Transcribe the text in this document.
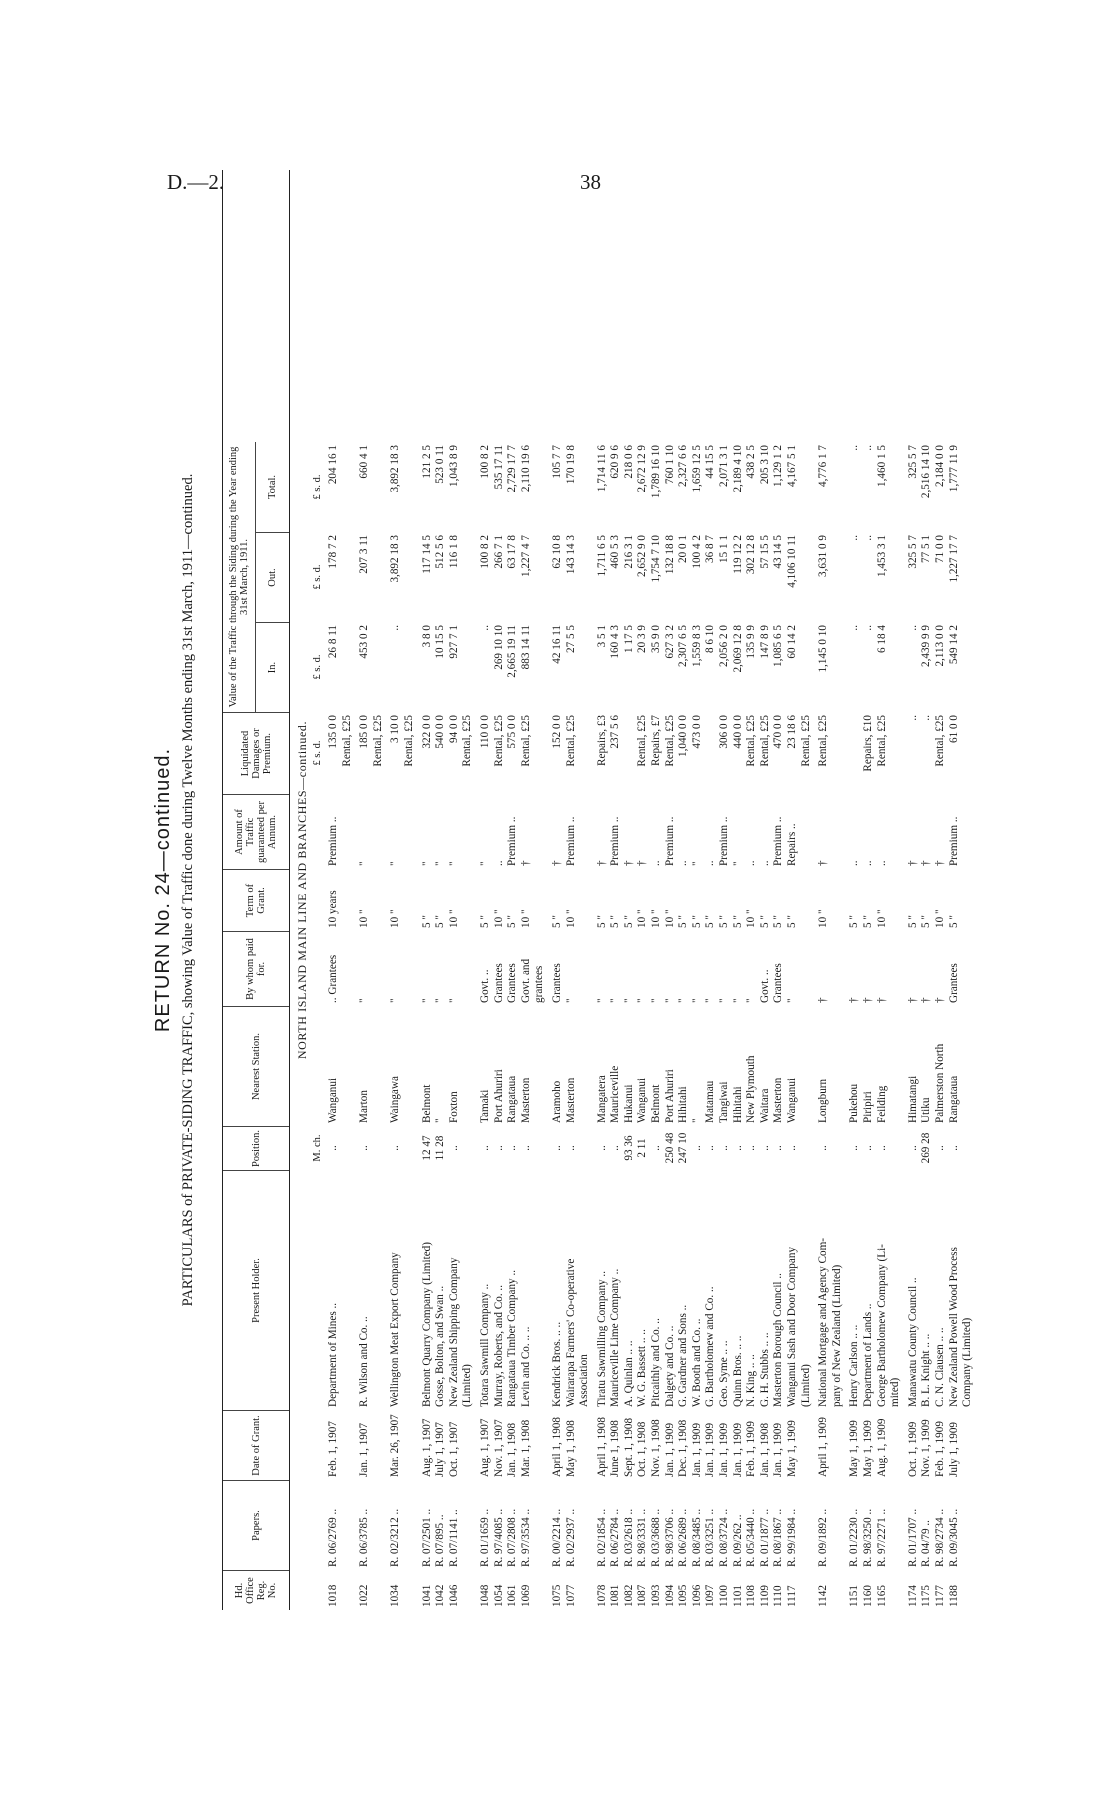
D.—2.	38
RETURN No. 24—continued. PARTICULARS of PRIVATE-SIDING TRAFFIC, showing Value of Traffic done during Twelve Months ending 31st March, 1911—continued.
Hd. Office Reg. No.
Papers.
Date of Grant.
Present Holder.
Position.
Nearest Station.
By whom paid for.
Term of Grant.
Amount of Traffic guaranteed per Annum.
Liquidated Damages or Premium.
Value of the Traffic through the Siding during the Year ending 31st March, 1911.
In.
Out.
Total.
NORTH ISLAND MAIN LINE AND BRANCHES—continued.
M. ch.
£ s. d.
£ s. d.
£ s. d.
£ s. d.
1018
R. 06/2769 ..
Feb. 1, 1907
Department of Mines ..
..
Wanganui
.. Grantees
10 years
Premium ..
135 0 0
26 8 11
178 7 2
204 16 1
Rental, £25
1022
R. 06/3785 ..
Jan. 1, 1907
R. Wilson and Co. ..
..
Marton
"
10 "
"
185 0 0
453 0 2
207 3 11
660 4 1
Rental, £25
1034
R. 02/3212 ..
Mar. 26, 1907
Wellington Meat Export Company
..
Waingawa
"
10 "
"
3 10 0
..
3,892 18 3
3,892 18 3
Rental, £25
1041
R. 07/2501 ..
Aug. 1, 1907
Belmont Quarry Company (Limited)
12 47
Belmont
"
5 "
"
322 0 0
3 8 0
117 14 5
121 2 5
1042
R. 07/895 ..
July 1, 1907
Gosse, Bolton, and Swan ..
11 28
"
"
5 "
"
540 0 0
10 15 5
512 5 6
523 0 11
1046
R. 07/1141 ..
Oct. 1, 1907
New Zealand Shipping Company
..
Foxton
"
10 "
"
94 0 0
927 7 1
116 1 8
1,043 8 9
(Limited)
Rental, £25
1048
R. 01/1659 ..
Aug. 1, 1907
Totara Sawmill Company ..
..
Tamaki
Govt. ..
5 "
"
110 0 0
..
100 8 2
100 8 2
1054
R. 97/4085 ..
Nov. 1, 1907
Murray, Roberts, and Co. ..
..
Port Ahuriri
Grantees
10 "
..
Rental, £25
269 10 10
266 7 1
535 17 11
1061
R. 07/2808 ..
Jan. 1, 1908
Rangataua Timber Company ..
..
Rangataua
Grantees
5 "
Premium ..
575 0 0
2,665 19 11
63 17 8
2,729 17 7
1069
R. 97/3534 ..
Mar. 1, 1908
Levin and Co. .. ..
..
Masterton
Govt. and
10 "
†
Rental, £25
883 14 11
1,227 4 7
2,110 19 6
grantees
1075
R. 00/2214 ..
April 1, 1908
Kendrick Bros. .. ..
..
Aramoho
Grantees
5 "
†
152 0 0
42 16 11
62 10 8
105 7 7
1077
R. 02/2937 ..
May 1, 1908
Wairarapa Farmers' Co-operative
..
Masterton
"
10 "
Premium ..
Rental, £25
27 5 5
143 14 3
170 19 8
Association
1078
R. 02/1854 ..
April 1, 1908
Tiratu Sawmilling Company ..
..
Mangatera
"
5 "
†
Repairs, £3
3 5 1
1,711 6 5
1,714 11 6
1081
R. 06/2784 ..
June 1, 1908
Mauriceville Lime Company ..
..
Mauriceville
"
5 "
Premium ..
237 5 6
160 4 3
460 5 3
620 9 6
1082
R. 03/2618 ..
Sept. 1, 1908
A. Quinlan .. ..
93 36
Hukanui
"
5 "
†
1 17 5
216 3 1
218 0 6
1087
R. 98/3331 ..
Oct. 1, 1908
W. G. Bassett .. ..
2 11
Wanganui
"
10 "
†
Rental, £25
20 3 9
2,652 9 0
2,672 12 9
1093
R. 03/3688 ..
Nov. 1, 1908
Pitcaithly and Co. ..
..
Belmont
"
10 "
..
Repairs, £7
35 9 0
1,754 7 10
1,789 16 10
1094
R. 98/3706 ..
Jan. 1, 1909
Dalgety and Co. ..
250 48
Port Ahuriri
"
10 "
Premium ..
Rental, £25
627 3 2
132 18 8
760 1 10
1095
R. 06/2689 ..
Dec. 1, 1908
G. Gardner and Sons ..
247 10
Hihitahi
"
5 "
..
1,040 0 0
2,307 6 5
20 0 1
2,327 6 6
1096
R. 08/3485 ..
Jan. 1, 1909
W. Booth and Co. ..
..
"
"
5 "
"
473 0 0
1,559 8 3
100 4 2
1,659 12 5
1097
R. 03/3251 ..
Jan. 1, 1909
G. Bartholomew and Co. ..
..
Matamau
"
5 "
..
8 6 10
36 8 7
44 15 5
1100
R. 08/3724 ..
Jan. 1, 1909
Geo. Syme .. ..
..
Tangiwai
"
5 "
Premium ..
306 0 0
2,056 2 0
15 1 1
2,071 3 1
1101
R. 09/262 ..
Jan. 1, 1909
Quinn Bros. .. ..
..
Hihitahi
"
5 "
"
440 0 0
2,069 12 8
119 12 2
2,189 4 10
1108
R. 05/3440 ..
Feb. 1, 1909
N. King .. ..
..
New Plymouth
"
10 "
..
Rental, £25
135 9 9
302 12 8
438 2 5
1109
R. 01/1877 ..
Jan. 1, 1908
G. H. Stubbs .. ..
..
Waitara
Govt. ..
5 "
..
Rental, £25
147 8 9
57 15 5
205 3 10
1110
R. 08/1867 ..
Jan. 1, 1909
Masterton Borough Council ..
..
Masterton
Grantees
5 "
Premium ..
470 0 0
1,085 6 5
43 14 5
1,129 1 2
1117
R. 99/1984 ..
May 1, 1909
Wanganui Sash and Door Company
..
Wanganui
"
5 "
Repairs ..
23 18 6
60 14 2
4,106 10 11
4,167 5 1
(Limited)
Rental, £25
1142
R. 09/1892 ..
April 1, 1909
National Mortgage and Agency Com-
..
Longburn
†
10 "
†
Rental, £25
1,145 0 10
3,631 0 9
4,776 1 7
pany of New Zealand (Limited)
1151
R. 01/2230 ..
May 1, 1909
Henry Carlson .. ..
..
Pukehou
†
5 "
..
..
..
..
1160
R. 98/3250 ..
May 1, 1909
Department of Lands ..
..
Piripiri
†
5 "
..
Repairs, £10
..
..
..
1165
R. 97/2271 ..
Aug. 1, 1909
George Bartholomew Company (Li-
..
Feilding
†
10 "
..
Rental, £25
6 18 4
1,453 3 1
1,460 1 5
mited)
1174
R. 01/1707 ..
Oct. 1, 1909
Manawatu County Council ..
..
Himatangi
†
5 "
†
..
..
325 5 7
325 5 7
1175
R. 04/79 ..
Nov. 1, 1909
B. L. Knight .. ..
269 28
Utiku
†
5 "
†
..
2,439 9 9
77 5 1
2,516 14 10
1177
R. 98/2734 ..
Feb. 1, 1909
C. N. Clausen .. ..
..
Palmerston North
†
10 "
†
Rental, £25
2,113 0 0
71 0 0
2,184 0 0
1188
R. 09/3045 ..
July 1, 1909
New Zealand Powell Wood Process
..
Rangataua
Grantees
5 "
Premium ..
61 0 0
549 14 2
1,227 17 7
1,777 11 9
Company (Limited)
